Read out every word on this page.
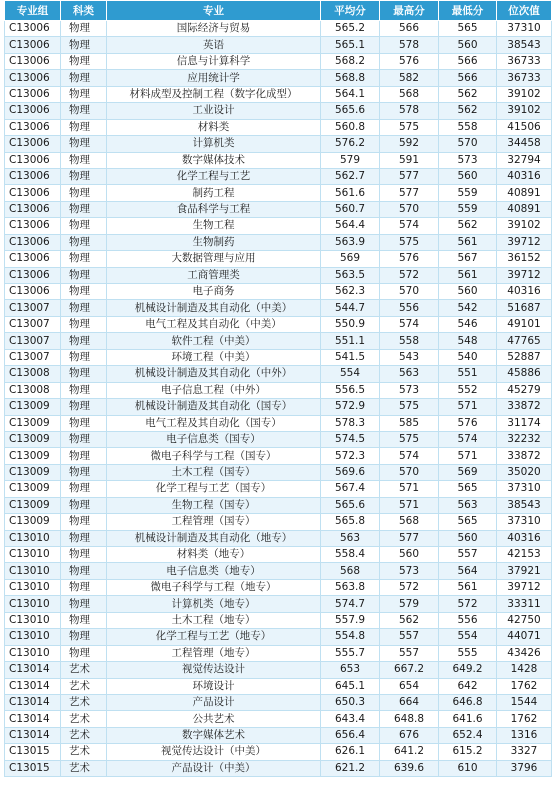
专业组	科类	专业	平均分	最高分	最低分	位次值
C13006	物理	国际经济与贸易	565.2	566	565	37310
C13006	物理	英语	565.1	578	560	38543
C13006	物理	信息与计算科学	568.2	576	566	36733
C13006	物理	应用统计学	568.8	582	566	36733
C13006	物理	材料成型及控制工程（数字化成型）	564.1	568	562	39102
C13006	物理	工业设计	565.6	578	562	39102
C13006	物理	材料类	560.8	575	558	41506
C13006	物理	计算机类	576.2	592	570	34458
C13006	物理	数字媒体技术	579	591	573	32794
C13006	物理	化学工程与工艺	562.7	577	560	40316
C13006	物理	制药工程	561.6	577	559	40891
C13006	物理	食品科学与工程	560.7	570	559	40891
C13006	物理	生物工程	564.4	574	562	39102
C13006	物理	生物制药	563.9	575	561	39712
C13006	物理	大数据管理与应用	569	576	567	36152
C13006	物理	工商管理类	563.5	572	561	39712
C13006	物理	电子商务	562.3	570	560	40316
C13007	物理	机械设计制造及其自动化（中美）	544.7	556	542	51687
C13007	物理	电气工程及其自动化（中美）	550.9	574	546	49101
C13007	物理	软件工程（中美）	551.1	558	548	47765
C13007	物理	环境工程（中美）	541.5	543	540	52887
C13008	物理	机械设计制造及其自动化（中外）	554	563	551	45886
C13008	物理	电子信息工程（中外）	556.5	573	552	45279
C13009	物理	机械设计制造及其自动化（国专）	572.9	575	571	33872
C13009	物理	电气工程及其自动化（国专）	578.3	585	576	31174
C13009	物理	电子信息类（国专）	574.5	575	574	32232
C13009	物理	微电子科学与工程（国专）	572.3	574	571	33872
C13009	物理	土木工程（国专）	569.6	570	569	35020
C13009	物理	化学工程与工艺（国专）	567.4	571	565	37310
C13009	物理	生物工程（国专）	565.6	571	563	38543
C13009	物理	工程管理（国专）	565.8	568	565	37310
C13010	物理	机械设计制造及其自动化（地专）	563	577	560	40316
C13010	物理	材料类（地专）	558.4	560	557	42153
C13010	物理	电子信息类（地专）	568	573	564	37921
C13010	物理	微电子科学与工程（地专）	563.8	572	561	39712
C13010	物理	计算机类（地专）	574.7	579	572	33311
C13010	物理	土木工程（地专）	557.9	562	556	42750
C13010	物理	化学工程与工艺（地专）	554.8	557	554	44071
C13010	物理	工程管理（地专）	555.7	557	555	43426
C13014	艺术	视觉传达设计	653	667.2	649.2	1428
C13014	艺术	环境设计	645.1	654	642	1762
C13014	艺术	产品设计	650.3	664	646.8	1544
C13014	艺术	公共艺术	643.4	648.8	641.6	1762
C13014	艺术	数字媒体艺术	656.4	676	652.4	1316
C13015	艺术	视觉传达设计（中美）	626.1	641.2	615.2	3327
C13015	艺术	产品设计（中美）	621.2	639.6	610	3796
